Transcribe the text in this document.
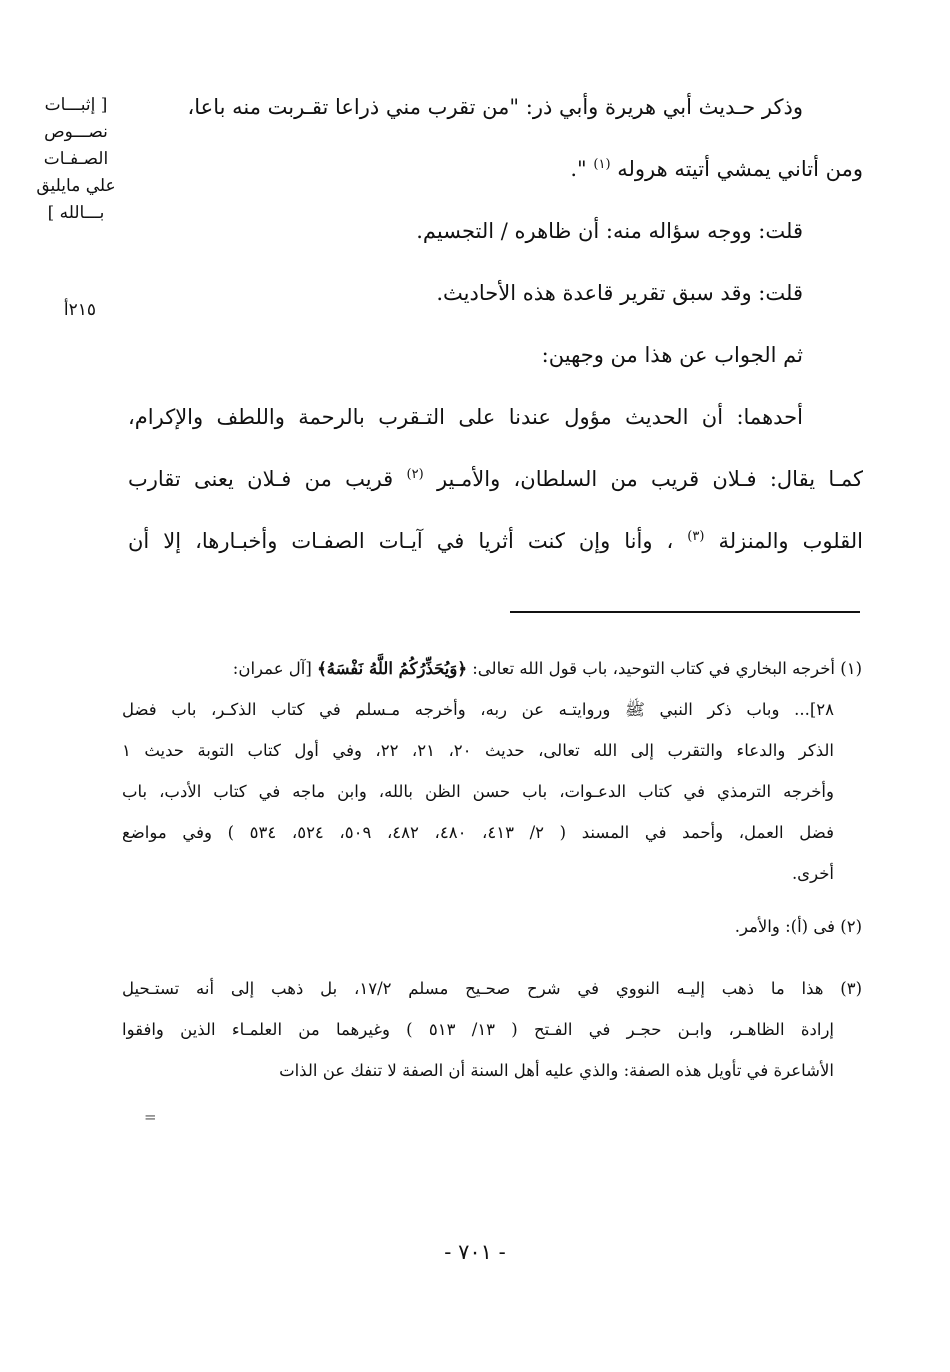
[ إثبـــات
نصـــوص
الصـفـات
علي مايليق
بـــالله ]
٢١٥أ
وذكر حـديث أبي هريرة وأبي ذر: "من تقرب مني ذراعا تقـربت منه باعا،
ومن أتاني يمشي أتيته هروله $^{(١)}$ ".
قلت: ووجه سؤاله منه: أن ظاهره / التجسيم.
قلت: وقد سبق تقرير قاعدة هذه الأحاديث.
ثم الجواب عن هذا من وجهين:
أحدهما: أن الحديث مؤول عندنا على التـقرب بالرحمة واللطف والإكرام،
كمـا يقال: فـلان قريب من السلطان، والأمـير $^{(٢)}$ قريب من فـلان يعنى تقارب
القلوب والمنزلة $^{(٣)}$ ، وأنا وإن كنت أثريا في آيـات الصفـات وأخبـارها، إلا أن
(١) أخرجه البخاري في كتاب التوحيد، باب قول الله تعالى: ﴿وَيُحَذِّرُكُمُ اللَّهُ نَفْسَهُ﴾ [آل عمران:
٢٨]... وباب ذكر النبي ﷺ وروايتـه عن ربه، وأخرجه مـسلم في كتاب الذكـر، باب فضل
الذكر والدعاء والتقرب إلى الله تعالى، حديث ٢٠، ٢١، ٢٢، وفي أول كتاب التوبة حديث ١
وأخرجه الترمذي في كتاب الدعـوات، باب حسن الظن بالله، وابن ماجه في كتاب الأدب، باب
فضل العمل، وأحمد في المسند ( ٢/ ٤١٣، ٤٨٠، ٤٨٢، ٥٠٩، ٥٢٤، ٥٣٤ ) وفي مواضع
أخرى.
(٢) فى (أ): والأمر.
(٣) هذا ما ذهب إليـه النووي في شرح صحـيح مسلم ١٧/٢، بل ذهب إلى أنه تستـحيل
إرادة الظاهـر، وابـن حجـر في الفـتح ( ١٣/ ٥١٣ ) وغيرهما من العلمـاء الذين وافقوا
الأشاعرة في تأويل هذه الصفة: والذي عليه أهل السنة أن الصفة لا تنفك عن الذات
=
- ٧٠١ -
